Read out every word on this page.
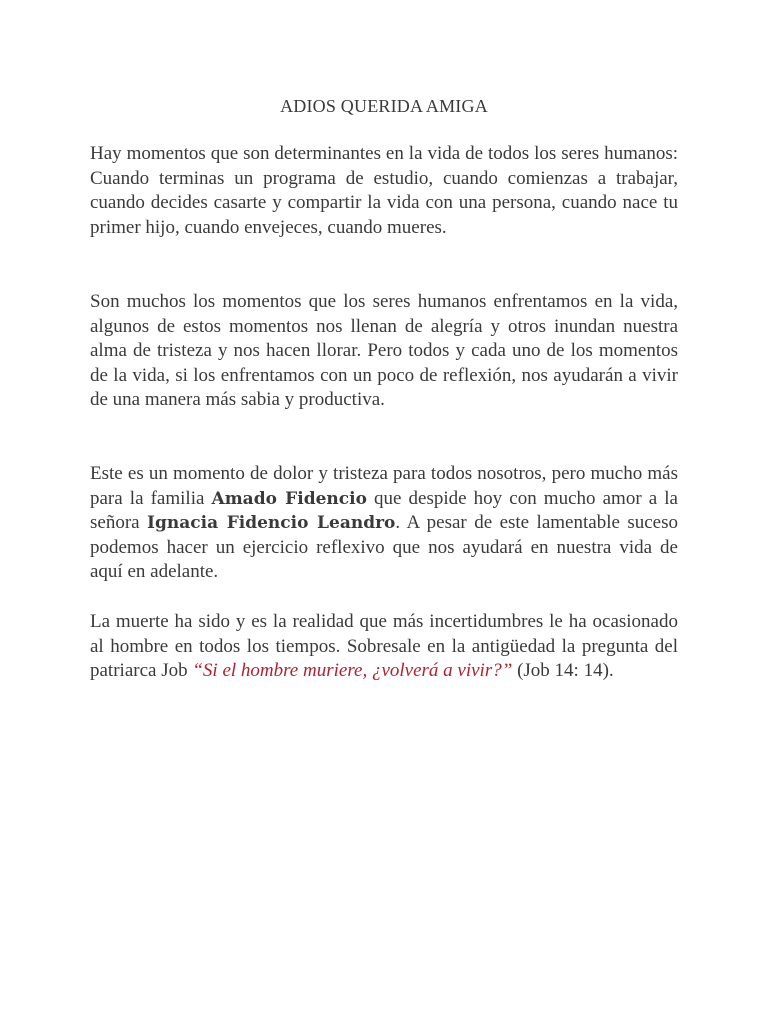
ADIOS QUERIDA AMIGA

Hay momentos que son determinantes en la vida de todos los seres humanos: Cuando terminas un programa de estudio, cuando comienzas a trabajar, cuando decides casarte y compartir la vida con una persona, cuando nace tu primer hijo, cuando envejeces, cuando mueres.

Son muchos los momentos que los seres humanos enfrentamos en la vida, algunos de estos momentos nos llenan de alegría y otros inundan nuestra alma de tristeza y nos hacen llorar. Pero todos y cada uno de los momentos de la vida, si los enfrentamos con un poco de reflexión, nos ayudarán a vivir de una manera más sabia y productiva.

Este es un momento de dolor y tristeza para todos nosotros, pero mucho más para la familia Amado Fidencio que despide hoy con mucho amor a la señora Ignacia Fidencio Leandro. A pesar de este lamentable suceso podemos hacer un ejercicio reflexivo que nos ayudará en nuestra vida de aquí en adelante.

La muerte ha sido y es la realidad que más incertidumbres le ha ocasionado al hombre en todos los tiempos. Sobresale en la antigüedad la pregunta del patriarca Job “Si el hombre muriere, ¿volverá a vivir?” (Job 14: 14).
